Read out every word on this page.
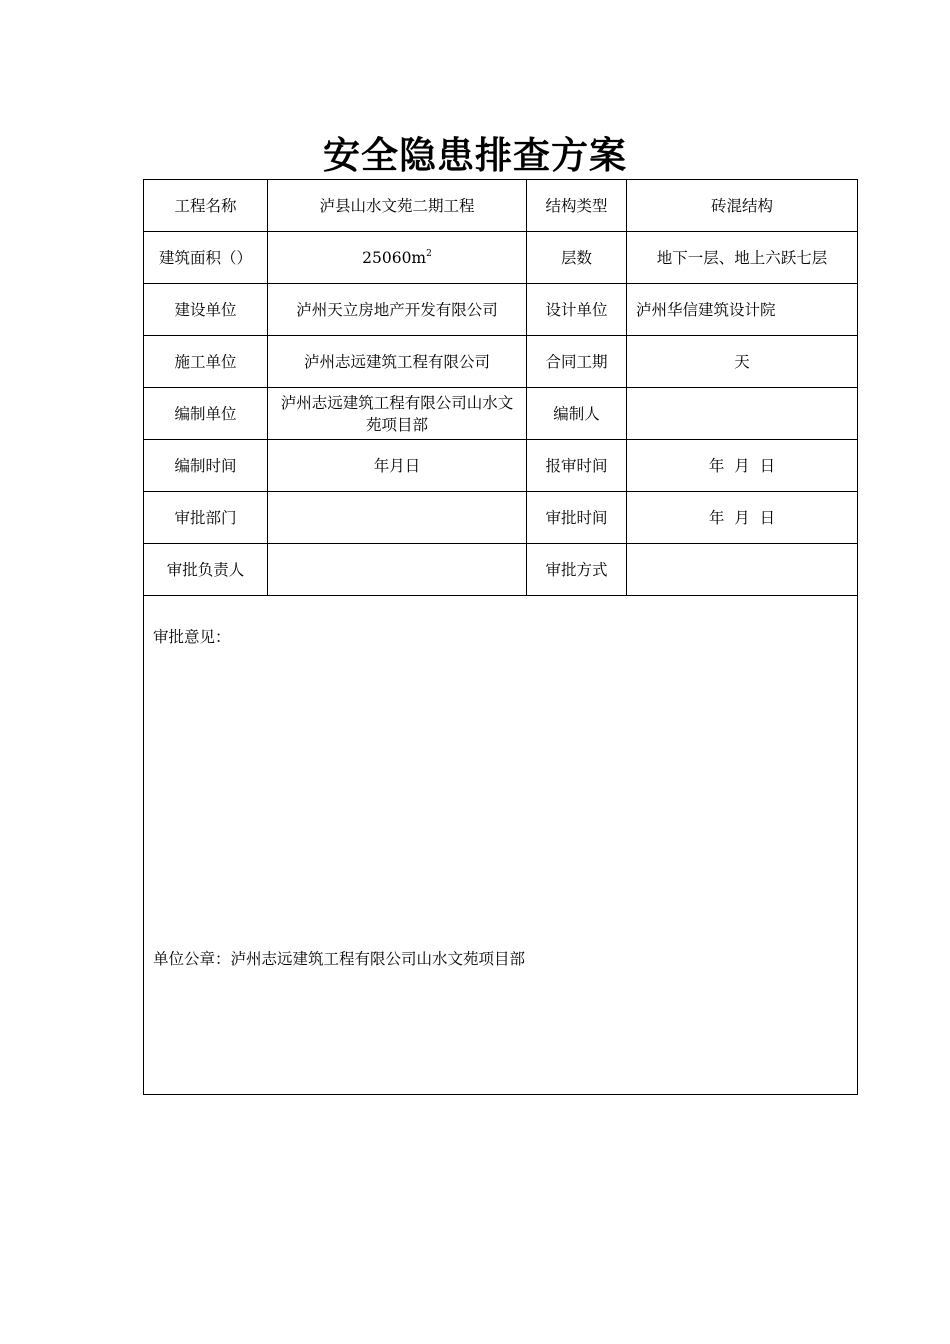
安全隐患排查方案
工程名称	泸县山水文苑二期工程	结构类型	砖混结构
建筑面积（）	$25060m^2$	层数	地下一层、地上六跃七层
建设单位	泸州天立房地产开发有限公司	设计单位	泸州华信建筑设计院
施工单位	泸州志远建筑工程有限公司	合同工期	天
编制单位	泸州志远建筑工程有限公司山水文苑项目部	编制人	
编制时间	年月日	报审时间	年  月  日
审批部门		审批时间	年  月  日
审批负责人		审批方式	

审批意见：
单位公章：泸州志远建筑工程有限公司山水文苑项目部			
